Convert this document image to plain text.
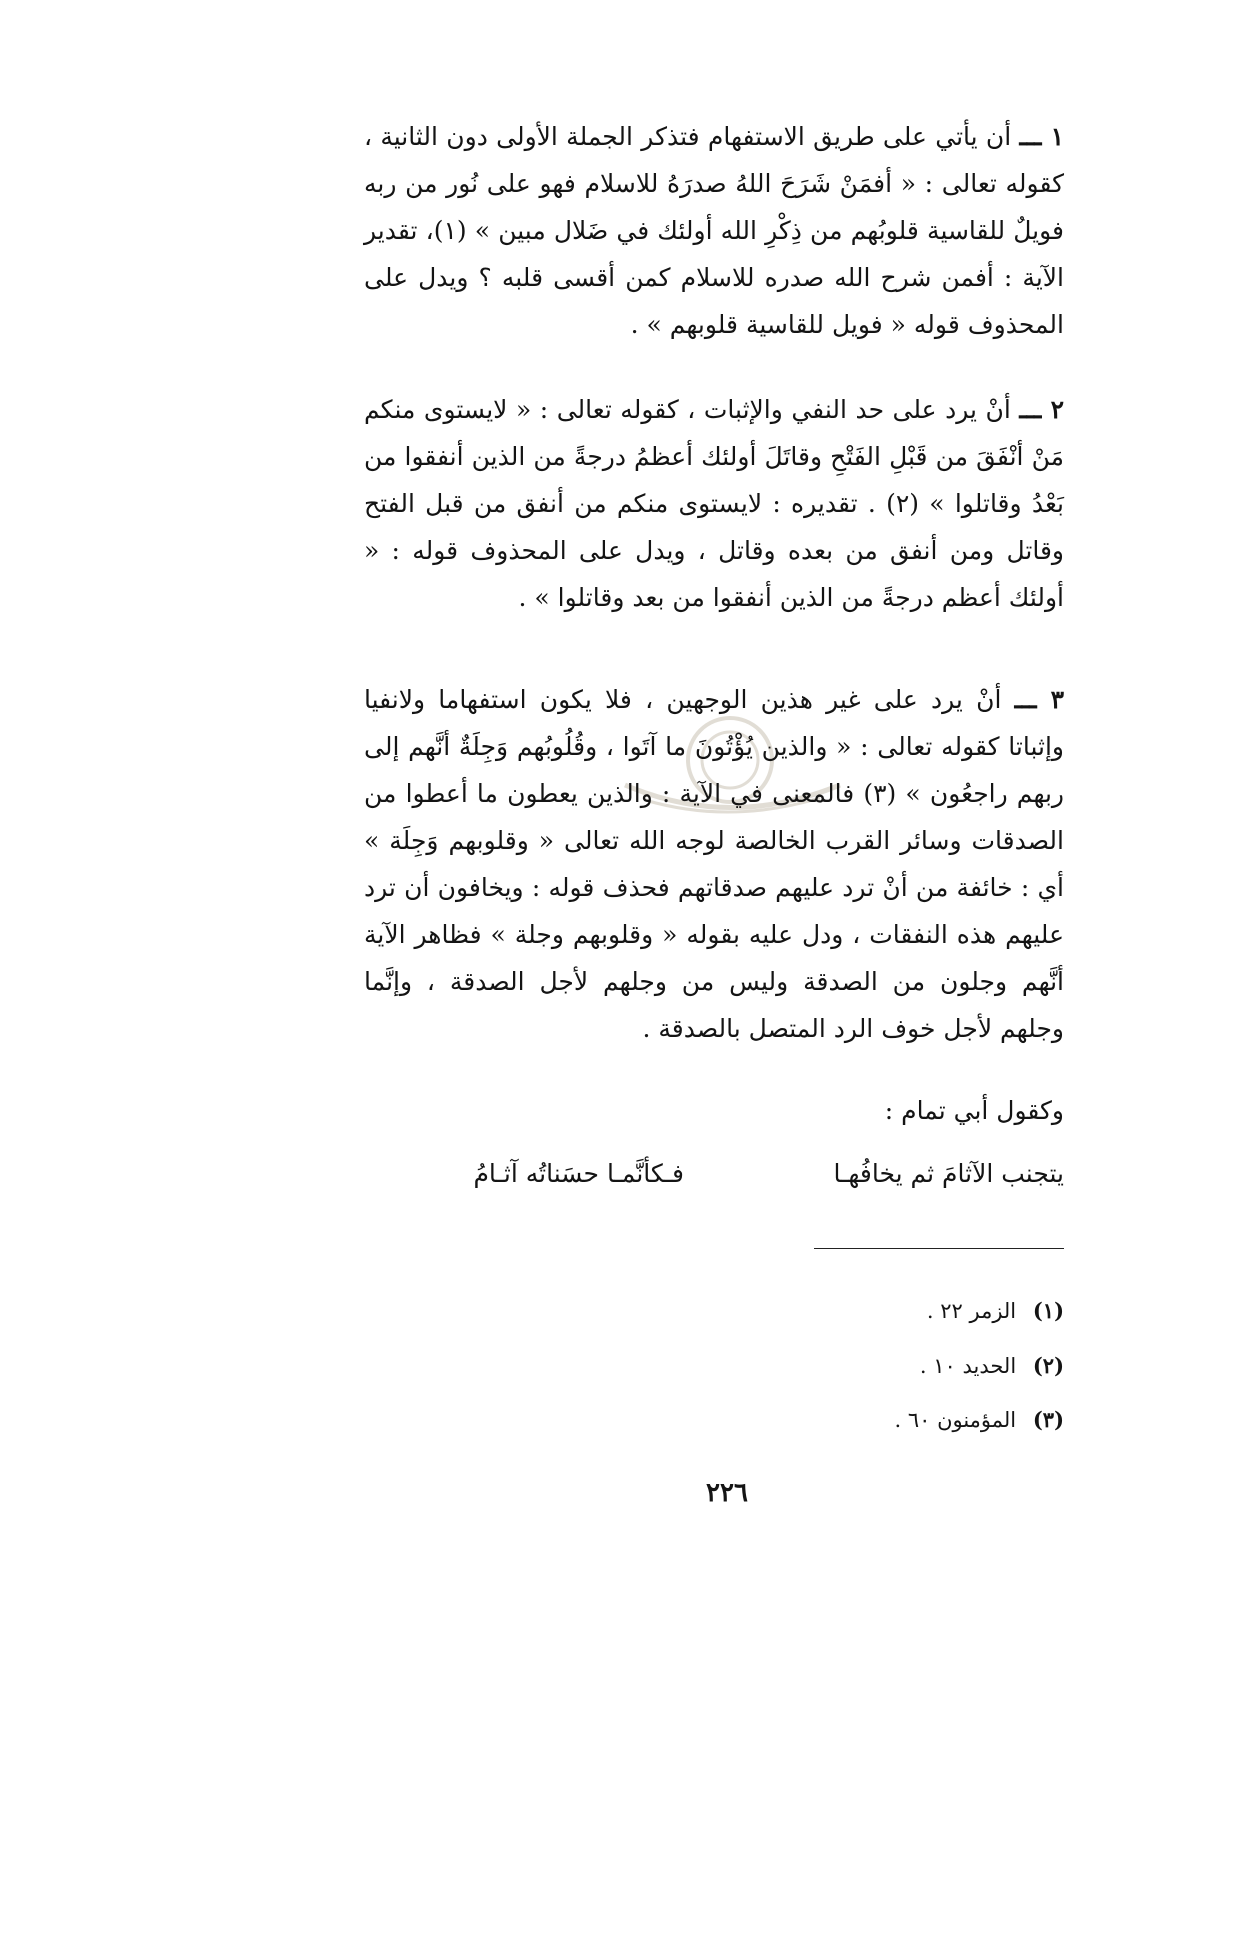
١ ـــ أن يأتي على طريق الاستفهام فتذكر الجملة الأولى دون الثانية ، كقوله تعالى : « أفمَنْ شَرَحَ اللهُ صدرَهُ للاسلام فهو على نُور من ربه فويلٌ للقاسية قلوبُهم من ذِكْرِ الله أولئك في ضَلال مبين » (١)، تقدير الآية : أفمن شرح الله صدره للاسلام كمن أقسى قلبه ؟ ويدل على المحذوف قوله « فويل للقاسية قلوبهم » .

٢ ـــ أنْ يرد على حد النفي والإثبات ، كقوله تعالى : « لايستوى منكم مَنْ أنْفَقَ من قَبْلِ الفَتْحِ وقاتَلَ أولئك أعظمُ درجةً من الذين أنفقوا من بَعْدُ وقاتلوا » (٢) . تقديره : لايستوى منكم من أنفق من قبل الفتح وقاتل ومن أنفق من بعده وقاتل ، ويدل على المحذوف قوله : « أولئك أعظم درجةً من الذين أنفقوا من بعد وقاتلوا » .

٣ ـــ أنْ يرد على غير هذين الوجهين ، فلا يكون استفهاما ولانفيا وإثباتا كقوله تعالى : « والذين يُؤْتُونَ ما آتَوا ، وقُلُوبُهم وَجِلَةٌ أنَّهم إلى ربهم راجعُون » (٣) فالمعنى في الآية : والذين يعطون ما أعطوا من الصدقات وسائر القرب الخالصة لوجه الله تعالى « وقلوبهم وَجِلَة » أي : خائفة من أنْ ترد عليهم صدقاتهم فحذف قوله : ويخافون أن ترد عليهم هذه النفقات ، ودل عليه بقوله « وقلوبهم وجلة » فظاهر الآية أنَّهم وجلون من الصدقة وليس من وجلهم لأجل الصدقة ، وإنَّما وجلهم لأجل خوف الرد المتصل بالصدقة .

وكقول أبي تمام :
يتجنب الآثامَ ثم يخافُهـا
فـكأنَّمـا حسَناتُه آثـامُ
(١) الزمر ٢٢ .
(٢) الحديد ١٠ .
(٣) المؤمنون ٦٠ .
٢٢٦
